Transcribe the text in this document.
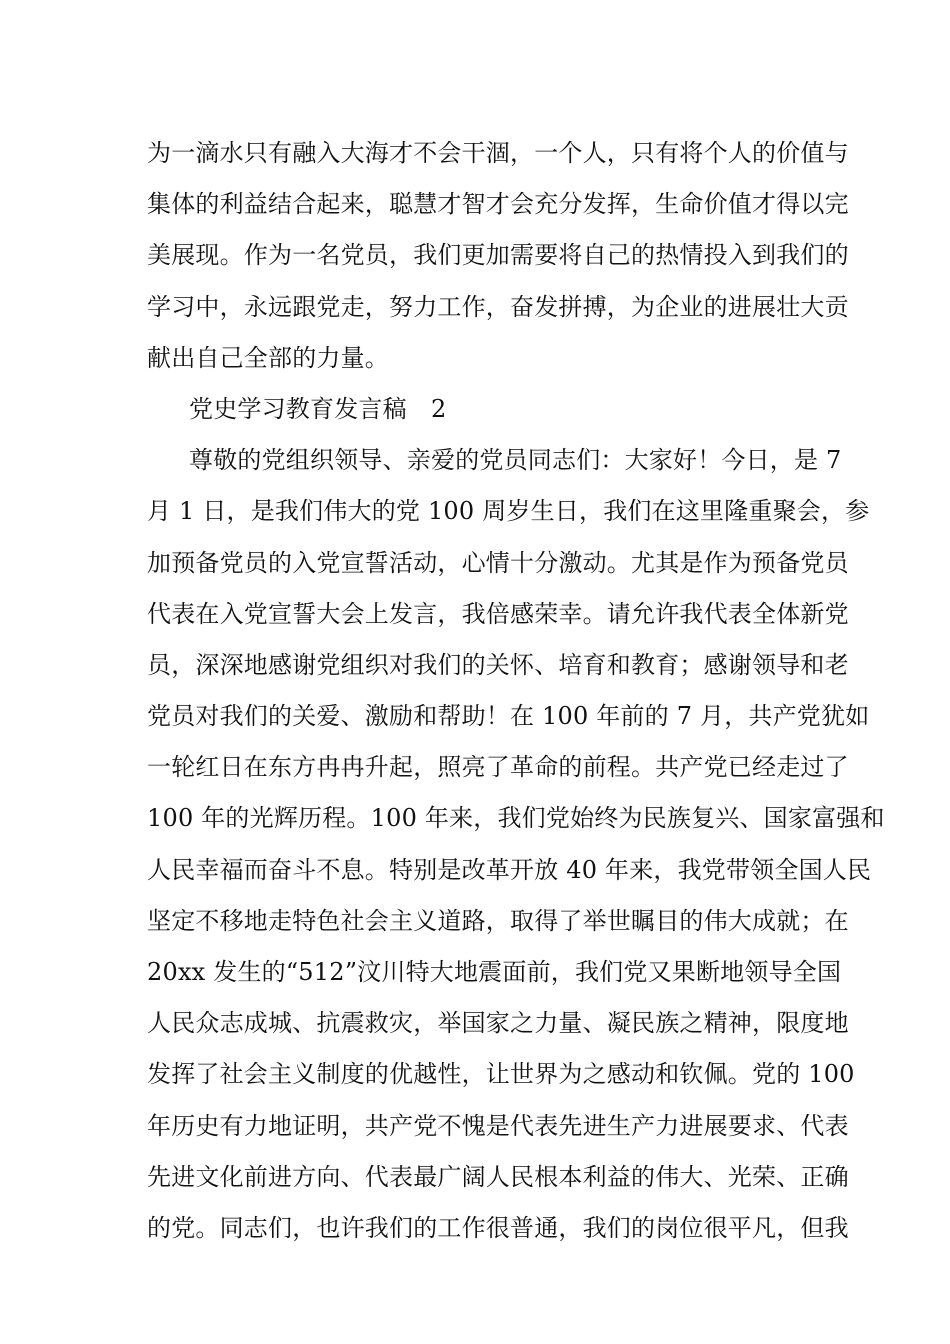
为一滴水只有融入大海才不会干涸，一个人，只有将个人的价值与
集体的利益结合起来，聪慧才智才会充分发挥，生命价值才得以完
美展现。作为一名党员，我们更加需要将自己的热情投入到我们的
学习中，永远跟党走，努力工作，奋发拼搏，为企业的进展壮大贡
献出自己全部的力量。
党史学习教育发言稿　2
尊敬的党组织领导、亲爱的党员同志们：大家好！今日，是 7
月 1 日，是我们伟大的党 100 周岁生日，我们在这里隆重聚会，参
加预备党员的入党宣誓活动，心情十分激动。尤其是作为预备党员
代表在入党宣誓大会上发言，我倍感荣幸。请允许我代表全体新党
员，深深地感谢党组织对我们的关怀、培育和教育；感谢领导和老
党员对我们的关爱、激励和帮助！在 100 年前的 7 月，共产党犹如
一轮红日在东方冉冉升起，照亮了革命的前程。共产党已经走过了
100 年的光辉历程。100 年来，我们党始终为民族复兴、国家富强和
人民幸福而奋斗不息。特别是改革开放 40 年来，我党带领全国人民
坚定不移地走特色社会主义道路，取得了举世瞩目的伟大成就；在
20xx 发生的“512”汶川特大地震面前，我们党又果断地领导全国
人民众志成城、抗震救灾，举国家之力量、凝民族之精神，限度地
发挥了社会主义制度的优越性，让世界为之感动和钦佩。党的 100
年历史有力地证明，共产党不愧是代表先进生产力进展要求、代表
先进文化前进方向、代表最广阔人民根本利益的伟大、光荣、正确
的党。同志们，也许我们的工作很普通，我们的岗位很平凡，但我
